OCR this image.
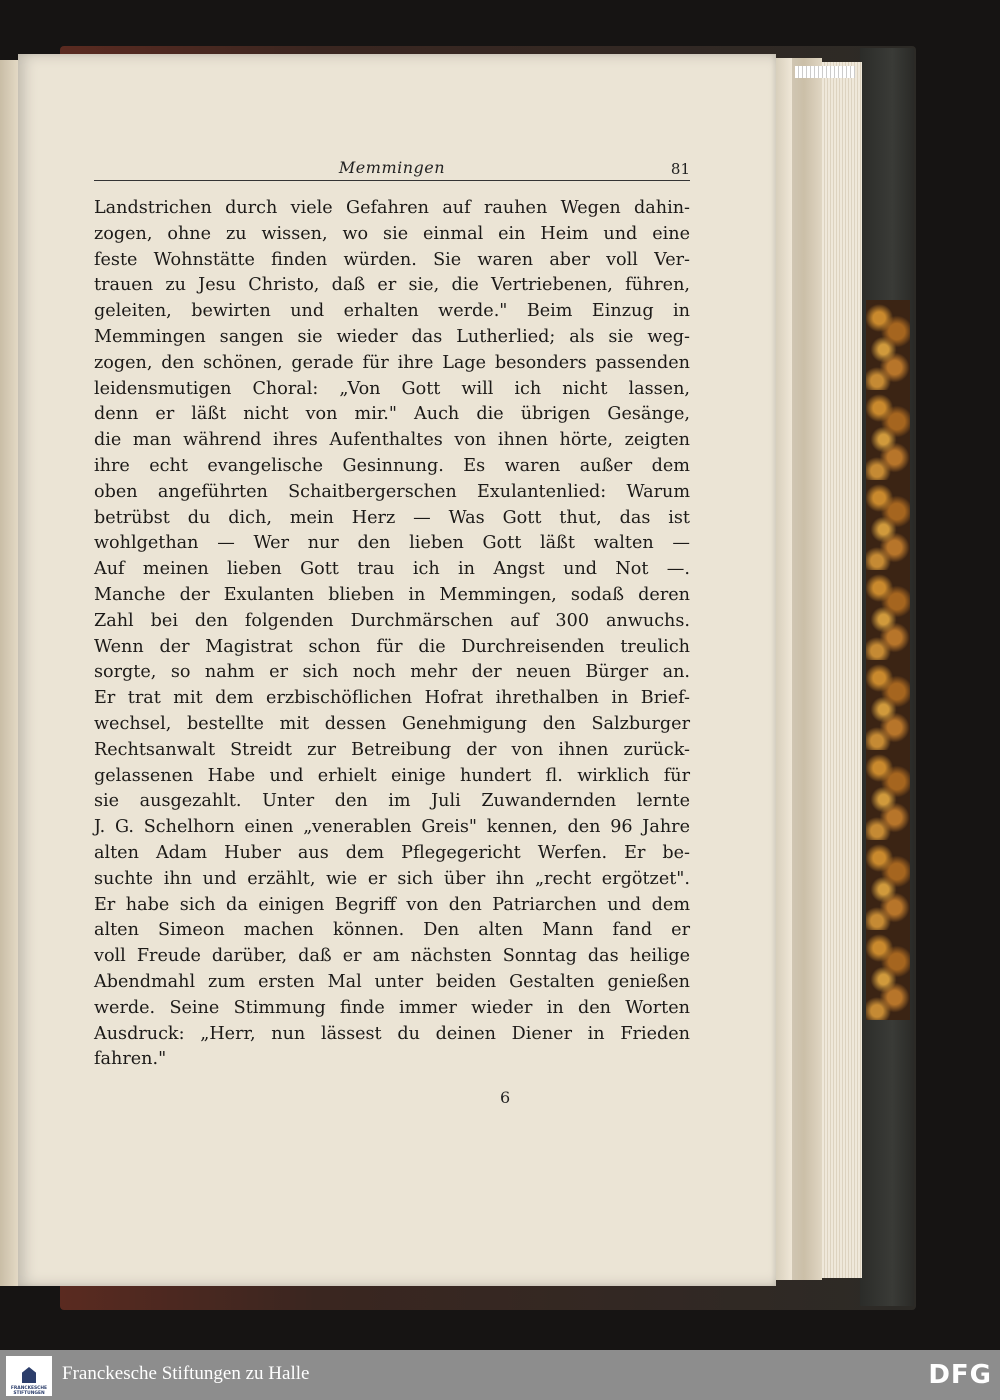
Memmingen	81
Landstrichen durch viele Gefahren auf rauhen Wegen dahin-
zogen, ohne zu wissen, wo sie einmal ein Heim und eine
feste Wohnstätte finden würden. Sie waren aber voll Ver-
trauen zu Jesu Christo, daß er sie, die Vertriebenen, führen,
geleiten, bewirten und erhalten werde." Beim Einzug in
Memmingen sangen sie wieder das Lutherlied; als sie weg-
zogen, den schönen, gerade für ihre Lage besonders passenden
leidensmutigen Choral: „Von Gott will ich nicht lassen,
denn er läßt nicht von mir." Auch die übrigen Gesänge,
die man während ihres Aufenthaltes von ihnen hörte, zeigten
ihre echt evangelische Gesinnung. Es waren außer dem
oben angeführten Schaitbergerschen Exulantenlied: Warum
betrübst du dich, mein Herz — Was Gott thut, das ist
wohlgethan — Wer nur den lieben Gott läßt walten —
Auf meinen lieben Gott trau ich in Angst und Not —.
Manche der Exulanten blieben in Memmingen, sodaß deren
Zahl bei den folgenden Durchmärschen auf 300 anwuchs.
Wenn der Magistrat schon für die Durchreisenden treulich
sorgte, so nahm er sich noch mehr der neuen Bürger an.
Er trat mit dem erzbischöflichen Hofrat ihrethalben in Brief-
wechsel, bestellte mit dessen Genehmigung den Salzburger
Rechtsanwalt Streidt zur Betreibung der von ihnen zurück-
gelassenen Habe und erhielt einige hundert fl. wirklich für
sie ausgezahlt. Unter den im Juli Zuwandernden lernte
J. G. Schelhorn einen „venerablen Greis" kennen, den 96 Jahre
alten Adam Huber aus dem Pflegegericht Werfen. Er be-
suchte ihn und erzählt, wie er sich über ihn „recht ergötzet".
Er habe sich da einigen Begriff von den Patriarchen und dem
alten Simeon machen können. Den alten Mann fand er
voll Freude darüber, daß er am nächsten Sonntag das heilige
Abendmahl zum ersten Mal unter beiden Gestalten genießen
werde. Seine Stimmung finde immer wieder in den Worten
Ausdruck: „Herr, nun lässest du deinen Diener in Frieden
fahren."
6
FRANCKESCHE
STIFTUNGEN
Franckesche Stiftungen zu Halle	DFG
